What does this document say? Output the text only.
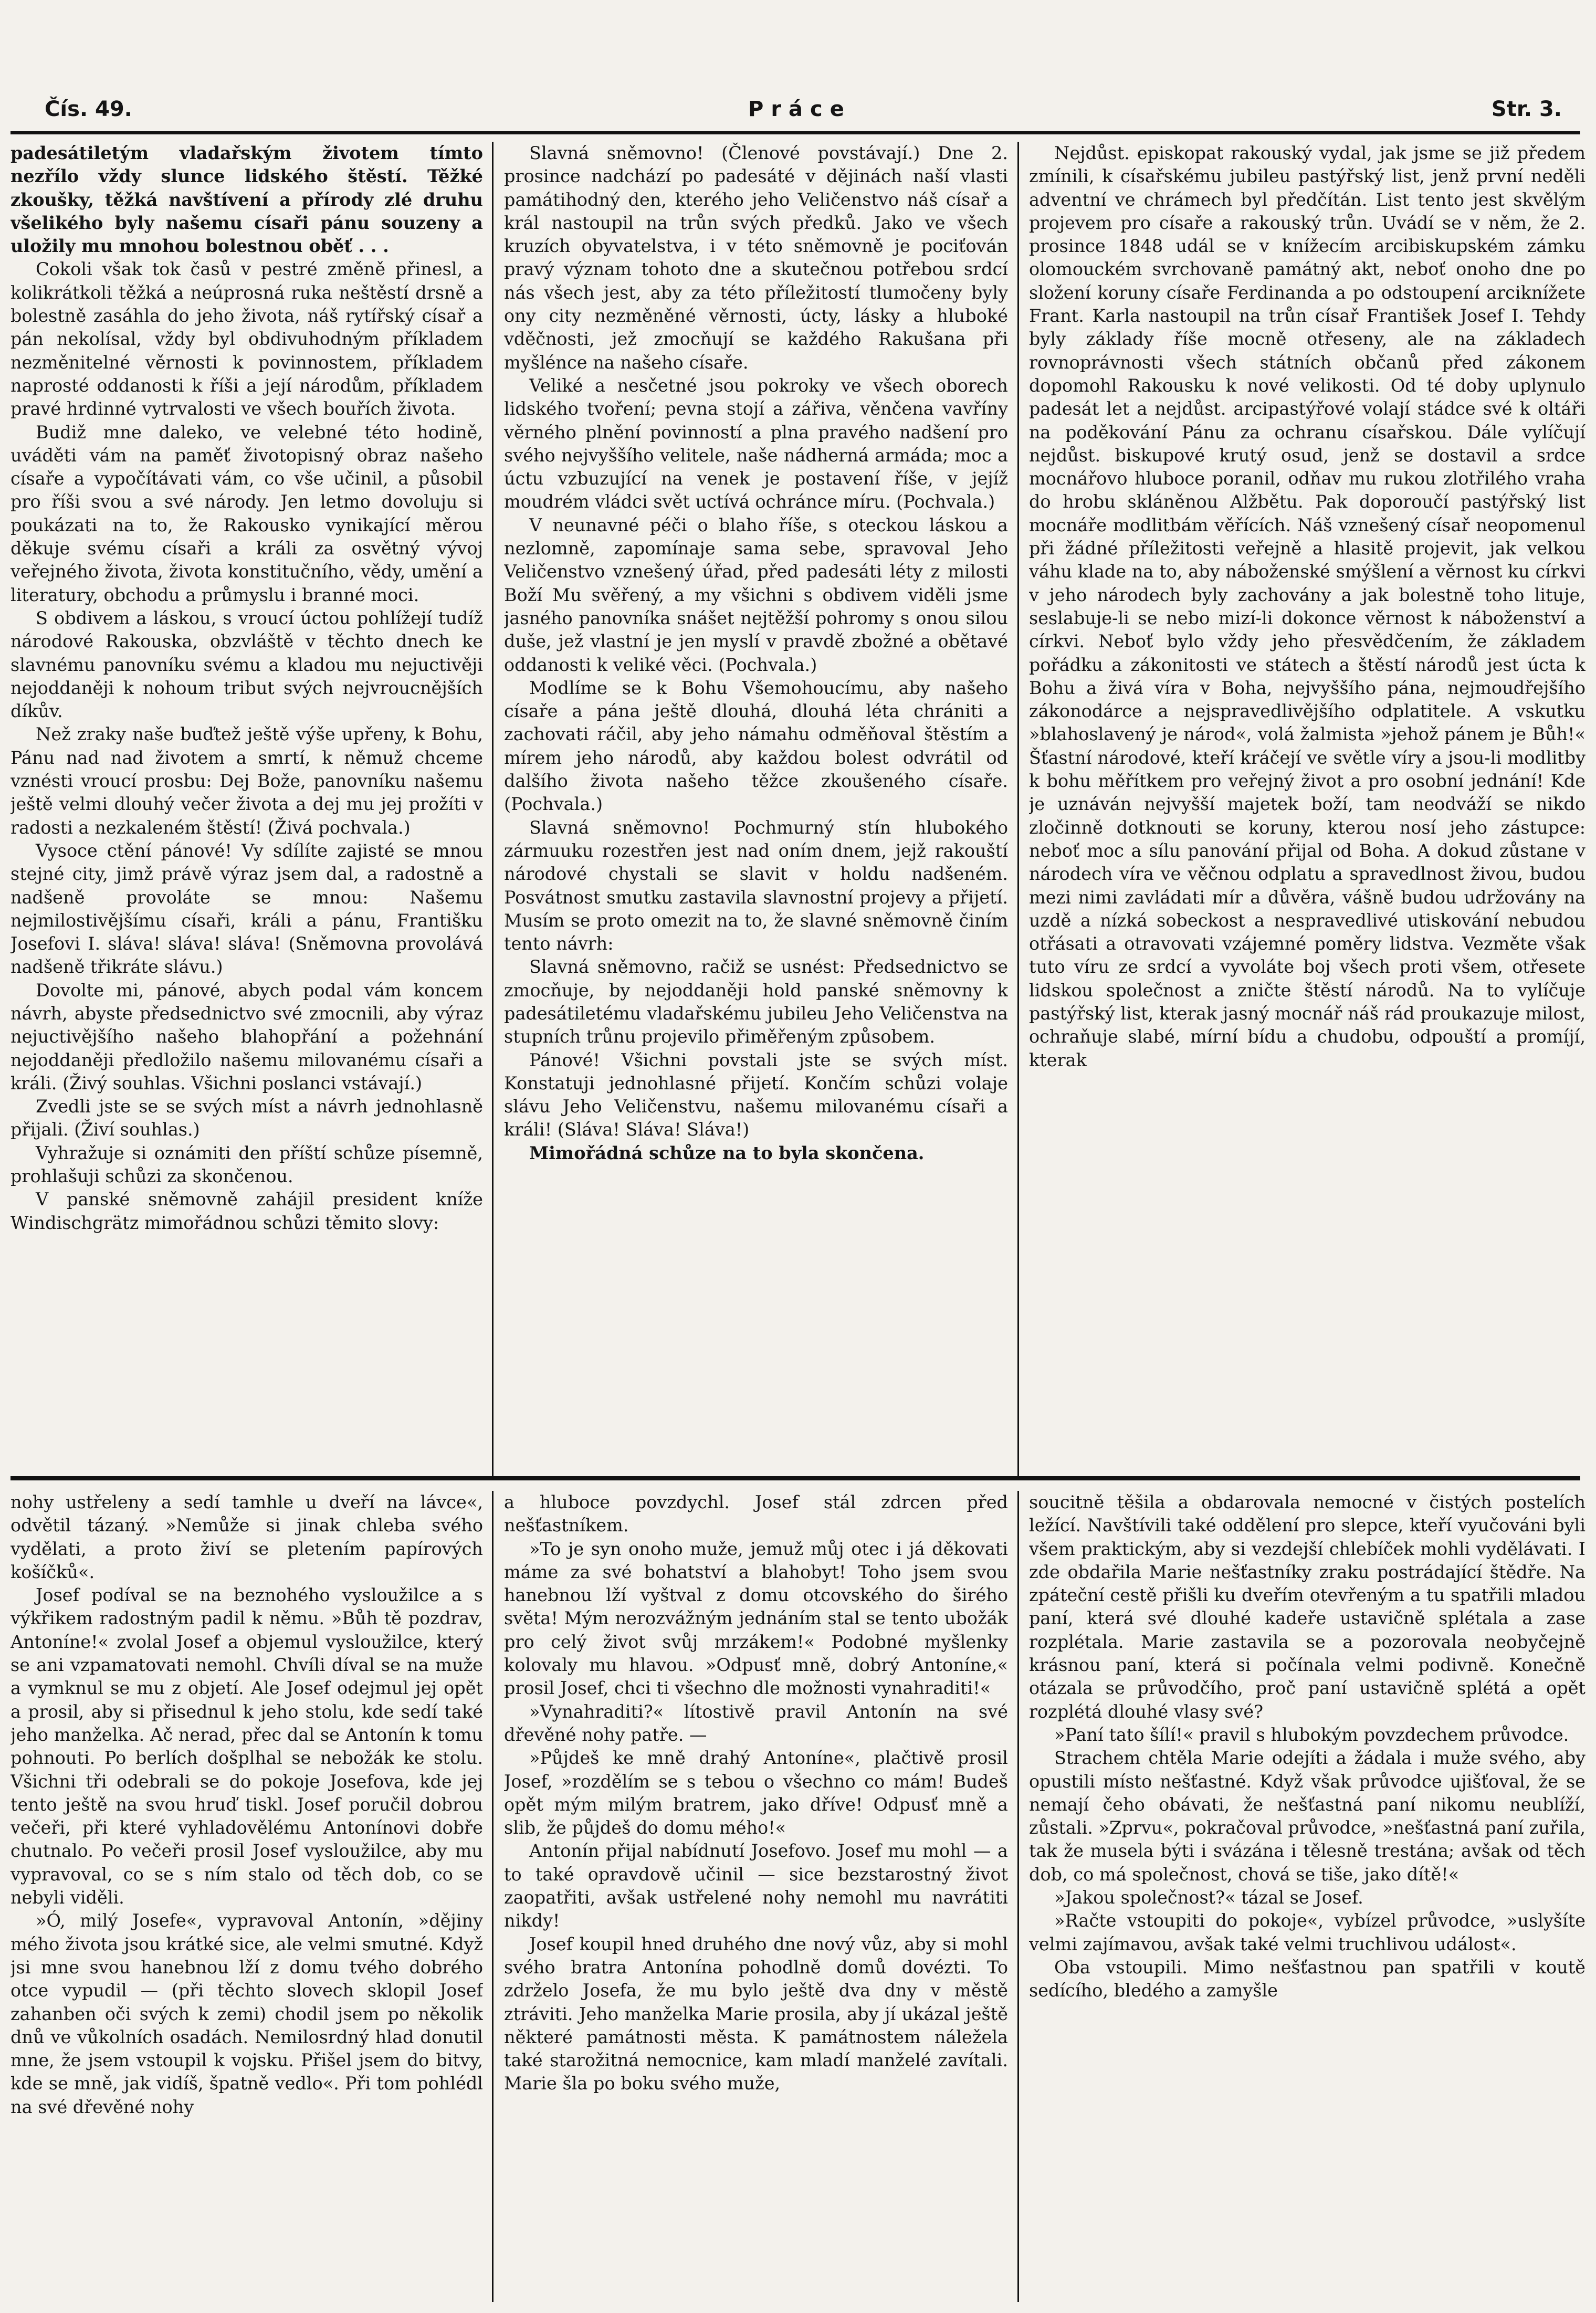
Čís. 49.	Práce	Str. 3.

padesátiletým vladařským životem tímto nezřílo vždy slunce lidského štěstí. Těžké zkoušky, těžká navštívení a přírody zlé druhu všelikého byly našemu císaři pánu souzeny a uložily mu mnohou bolestnou oběť . . .

Cokoli však tok časů v pestré změně přinesl, a kolikrátkoli těžká a neúprosná ruka neštěstí drsně a bolestně zasáhla do jeho života, náš rytířský císař a pán nekolísal, vždy byl obdivuhodným příkladem nezměnitelné věrnosti k povinnostem, příkladem naprosté oddanosti k říši a její národům, příkladem pravé hrdinné vytrvalosti ve všech bouřích života.

Budiž mne daleko, ve velebné této hodině, uváděti vám na paměť životopisný obraz našeho císaře a vypočítávati vám, co vše učinil, a působil pro říši svou a své národy. Jen letmo dovoluju si poukázati na to, že Rakousko vynikající měrou děkuje svému císaři a králi za osvětný vývoj veřejného života, života konstitučního, vědy, umění a literatury, obchodu a průmyslu i branné moci.

S obdivem a láskou, s vroucí úctou pohlížejí tudíž národové Rakouska, obzvláště v těchto dnech ke slavnému panovníku svému a kladou mu nejuctivěji nejoddaněji k nohoum tribut svých nejvroucnějších díkův.

Než zraky naše buďtež ještě výše upřeny, k Bohu, Pánu nad nad životem a smrtí, k němuž chceme vznésti vroucí prosbu: Dej Bože, panovníku našemu ještě velmi dlouhý večer života a dej mu jej prožíti v radosti a nezkaleném štěstí! (Živá pochvala.)

Vysoce ctění pánové! Vy sdílíte zajisté se mnou stejné city, jimž právě výraz jsem dal, a radostně a nadšeně provoláte se mnou: Našemu nejmilostivějšímu císaři, králi a pánu, Františku Josefovi I. sláva! sláva! sláva! (Sněmovna provolává nadšeně třikráte slávu.)

Dovolte mi, pánové, abych podal vám koncem návrh, abyste předsednictvo své zmocnili, aby výraz nejuctivějšího našeho blahopřání a požehnání nejoddaněji předložilo našemu milovanému císaři a králi. (Živý souhlas. Všichni poslanci vstávají.)

Zvedli jste se se svých míst a návrh jednohlasně přijali. (Živí souhlas.)

Vyhražuje si oznámiti den příští schůze písemně, prohlašuji schůzi za skončenou.

V panské sněmovně zahájil president kníže Windischgrätz mimořádnou schůzi těmito slovy:

Slavná sněmovno! (Členové povstávají.) Dne 2. prosince nadchází po padesáté v dějinách naší vlasti památihodný den, kterého jeho Veličenstvo náš císař a král nastoupil na trůn svých předků. Jako ve všech kruzích obyvatelstva, i v této sněmovně je pociťován pravý význam tohoto dne a skutečnou potřebou srdcí nás všech jest, aby za této příležitostí tlumočeny byly ony city nezměněné věrnosti, úcty, lásky a hluboké vděčnosti, jež zmocňují se každého Rakušana při myšlénce na našeho císaře.

Veliké a nesčetné jsou pokroky ve všech oborech lidského tvoření; pevna stojí a zářiva, věnčena vavříny věrného plnění povinností a plna pravého nadšení pro svého nejvyššího velitele, naše nádherná armáda; moc a úctu vzbuzující na venek je postavení říše, v jejíž moudrém vládci svět uctívá ochránce míru. (Pochvala.)

V neunavné péči o blaho říše, s oteckou láskou a nezlomně, zapomínaje sama sebe, spravoval Jeho Veličenstvo vznešený úřad, před padesáti léty z milosti Boží Mu svěřený, a my všichni s obdivem viděli jsme jasného panovníka snášet nejtěžší pohromy s onou silou duše, jež vlastní je jen myslí v pravdě zbožné a obětavé oddanosti k veliké věci. (Pochvala.)

Modlíme se k Bohu Všemohoucímu, aby našeho císaře a pána ještě dlouhá, dlouhá léta chrániti a zachovati ráčil, aby jeho námahu odměňoval štěstím a mírem jeho národů, aby každou bolest odvrátil od dalšího života našeho těžce zkoušeného císaře. (Pochvala.)

Slavná sněmovno! Pochmurný stín hlubokého zármuuku rozestřen jest nad oním dnem, jejž rakouští národové chystali se slavit v holdu nadšeném. Posvátnost smutku zastavila slavnostní projevy a přijetí. Musím se proto omezit na to, že slavné sněmovně činím tento návrh:

Slavná sněmovno, račiž se usnést: Předsednictvo se zmocňuje, by nejoddaněji hold panské sněmovny k padesátiletému vladařskému jubileu Jeho Veličenstva na stupních trůnu projevilo přiměřeným způsobem.

Pánové! Všichni povstali jste se svých míst. Konstatuji jednohlasné přijetí. Končím schůzi volaje slávu Jeho Veličenstvu, našemu milovanému císaři a králi! (Sláva! Sláva! Sláva!)

Mimořádná schůze na to byla skončena.

Nejdůst. episkopat rakouský vydal, jak jsme se již předem zmínili, k císařskému jubileu pastýřský list, jenž první neděli adventní ve chrámech byl předčítán. List tento jest skvělým projevem pro císaře a rakouský trůn. Uvádí se v něm, že 2. prosince 1848 udál se v knížecím arcibiskupském zámku olomouckém svrchovaně památný akt, neboť onoho dne po složení koruny císaře Ferdinanda a po odstoupení arciknížete Frant. Karla nastoupil na trůn císař František Josef I. Tehdy byly základy říše mocně otřeseny, ale na základech rovnoprávnosti všech státních občanů před zákonem dopomohl Rakousku k nové velikosti. Od té doby uplynulo padesát let a nejdůst. arcipastýřové volají stádce své k oltáři na poděkování Pánu za ochranu císařskou. Dále vylíčují nejdůst. biskupové krutý osud, jenž se dostavil a srdce mocnářovo hluboce poranil, odňav mu rukou zlotřilého vraha do hrobu skláněnou Alžbětu. Pak doporoučí pastýřský list mocnáře modlitbám věřících. Náš vznešený císař neopomenul při žádné příležitosti veřejně a hlasitě projevit, jak velkou váhu klade na to, aby náboženské smýšlení a věrnost ku církvi v jeho národech byly zachovány a jak bolestně toho lituje, seslabuje-li se nebo mizí-li dokonce věrnost k náboženství a církvi. Neboť bylo vždy jeho přesvědčením, že základem pořádku a zákonitosti ve státech a štěstí národů jest úcta k Bohu a živá víra v Boha, nejvyššího pána, nejmoudřejšího zákonodárce a nejspravedlivějšího odplatitele. A vskutku »blahoslavený je národ«, volá žalmista »jehož pánem je Bůh!« Šťastní národové, kteří kráčejí ve světle víry a jsou-li modlitby k bohu měřítkem pro veřejný život a pro osobní jednání! Kde je uznáván nejvyšší majetek boží, tam neodváží se nikdo zločinně dotknouti se koruny, kterou nosí jeho zástupce: neboť moc a sílu panování přijal od Boha. A dokud zůstane v národech víra ve věčnou odplatu a spravedlnost živou, budou mezi nimi zavládati mír a důvěra, vášně budou udržovány na uzdě a nízká sobeckost a nespravedlivé utiskování nebudou otřásati a otravovati vzájemné poměry lidstva. Vezměte však tuto víru ze srdcí a vyvoláte boj všech proti všem, otřesete lidskou společnost a zničte štěstí národů. Na to vylíčuje pastýřský list, kterak jasný mocnář náš rád proukazuje milost, ochraňuje slabé, mírní bídu a chudobu, odpouští a promíjí, kterak

nohy ustřeleny a sedí tamhle u dveří na lávce«, odvětil tázaný. »Nemůže si jinak chleba svého vydělati, a proto živí se pletením papírových košíčků«.

Josef podíval se na beznohého vysloužilce a s výkřikem radostným padil k němu. »Bůh tě pozdrav, Antoníne!« zvolal Josef a objemul vysloužilce, který se ani vzpamatovati nemohl. Chvíli díval se na muže a vymknul se mu z objetí. Ale Josef odejmul jej opět a prosil, aby si přisednul k jeho stolu, kde sedí také jeho manželka. Ač nerad, přec dal se Antonín k tomu pohnouti. Po berlích došplhal se nebožák ke stolu. Všichni tři odebrali se do pokoje Josefova, kde jej tento ještě na svou hruď tiskl. Josef poručil dobrou večeři, při které vyhladovělému Antonínovi dobře chutnalo. Po večeři prosil Josef vysloužilce, aby mu vypravoval, co se s ním stalo od těch dob, co se nebyli viděli.

»Ó, milý Josefe«, vypravoval Antonín, »dějiny mého života jsou krátké sice, ale velmi smutné. Když jsi mne svou hanebnou lží z domu tvého dobrého otce vypudil — (při těchto slovech sklopil Josef zahanben oči svých k zemi) chodil jsem po několik dnů ve vůkolních osadách. Nemilosrdný hlad donutil mne, že jsem vstoupil k vojsku. Přišel jsem do bitvy, kde se mně, jak vidíš, špatně vedlo«. Při tom pohlédl na své dřevěné nohy

a hluboce povzdychl. Josef stál zdrcen před nešťastníkem.

»To je syn onoho muže, jemuž můj otec i já děkovati máme za své bohatství a blahobyt! Toho jsem svou hanebnou lží vyštval z domu otcovského do širého světa! Mým nerozvážným jednáním stal se tento ubožák pro celý život svůj mrzákem!« Podobné myšlenky kolovaly mu hlavou. »Odpusť mně, dobrý Antoníne,« prosil Josef, chci ti všechno dle možnosti vynahraditi!«

»Vynahraditi?« lítostivě pravil Antonín na své dřevěné nohy patře. —

»Půjdeš ke mně drahý Antoníne«, plačtivě prosil Josef, »rozdělím se s tebou o všechno co mám! Budeš opět mým milým bratrem, jako dříve! Odpusť mně a slib, že půjdeš do domu mého!«

Antonín přijal nabídnutí Josefovo. Josef mu mohl — a to také opravdově učinil — sice bezstarostný život zaopatřiti, avšak ustřelené nohy nemohl mu navrátiti nikdy!

Josef koupil hned druhého dne nový vůz, aby si mohl svého bratra Antonína pohodlně domů dovézti. To zdrželo Josefa, že mu bylo ještě dva dny v městě ztráviti. Jeho manželka Marie prosila, aby jí ukázal ještě některé památnosti města. K památnostem náležela také starožitná nemocnice, kam mladí manželé zavítali. Marie šla po boku svého muže,

soucitně těšila a obdarovala nemocné v čistých postelích ležící. Navštívili také oddělení pro slepce, kteří vyučováni byli všem praktickým, aby si vezdejší chlebíček mohli vydělávati. I zde obdařila Marie nešťastníky zraku postrádající štědře. Na zpáteční cestě přišli ku dveřím otevřeným a tu spatřili mladou paní, která své dlouhé kadeře ustavičně splétala a zase rozplétala. Marie zastavila se a pozorovala neobyčejně krásnou paní, která si počínala velmi podivně. Konečně otázala se průvodčího, proč paní ustavičně splétá a opět rozplétá dlouhé vlasy své?

»Paní tato šílí!« pravil s hlubokým povzdechem průvodce.

Strachem chtěla Marie odejíti a žádala i muže svého, aby opustili místo nešťastné. Když však průvodce ujišťoval, že se nemají čeho obávati, že nešťastná paní nikomu neublíží, zůstali. »Zprvu«, pokračoval průvodce, »nešťastná paní zuřila, tak že musela býti i svázána i tělesně trestána; avšak od těch dob, co má společnost, chová se tiše, jako dítě!«

»Jakou společnost?« tázal se Josef.

»Račte vstoupiti do pokoje«, vybízel průvodce, »uslyšíte velmi zajímavou, avšak také velmi truchlivou událost«.

Oba vstoupili. Mimo nešťastnou pan spatřili v koutě sedícího, bledého a zamyšle
